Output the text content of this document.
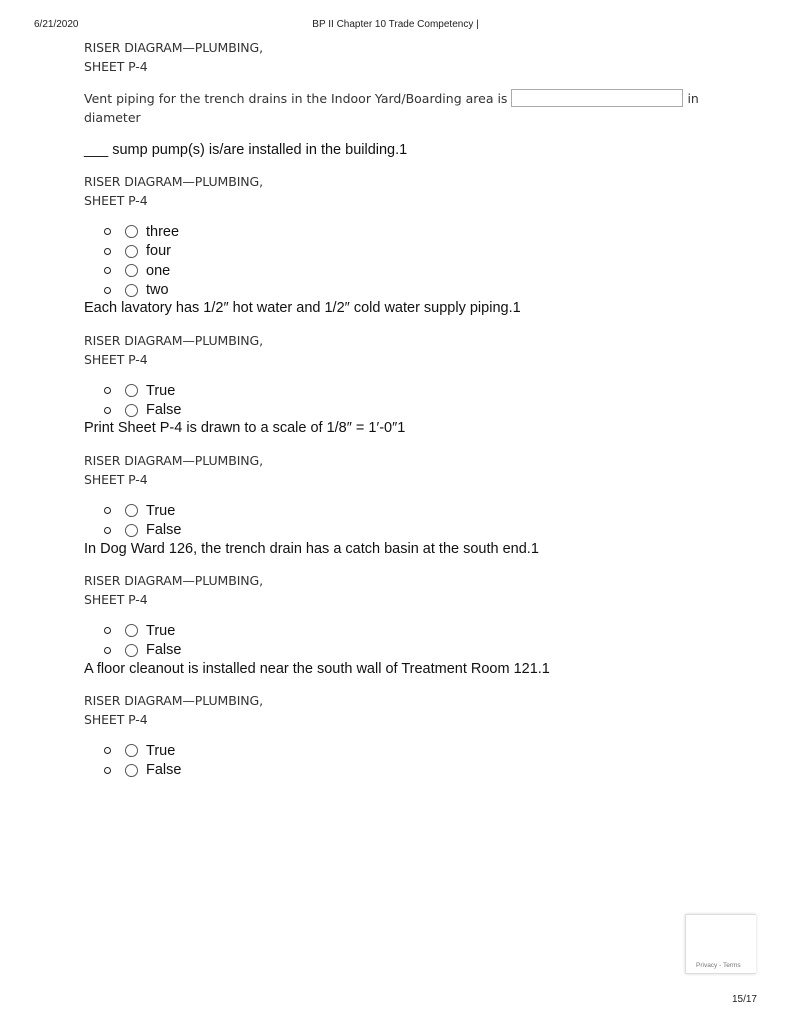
6/21/2020	BP II Chapter 10 Trade Competency |
RISER DIAGRAM—PLUMBING,
SHEET P-4
Vent piping for the trench drains in the Indoor Yard/Boarding area is	in
diameter
___ sump pump(s) is/are installed in the building.1
RISER DIAGRAM—PLUMBING,
SHEET P-4
three
four
one
two
Each lavatory has 1/2″ hot water and 1/2″ cold water supply piping.1
RISER DIAGRAM—PLUMBING,
SHEET P-4
True
False
Print Sheet P-4 is drawn to a scale of 1/8″ = 1′-0″1
RISER DIAGRAM—PLUMBING,
SHEET P-4
True
False
In Dog Ward 126, the trench drain has a catch basin at the south end.1
RISER DIAGRAM—PLUMBING,
SHEET P-4
True
False
A floor cleanout is installed near the south wall of Treatment Room 121.1
RISER DIAGRAM—PLUMBING,
SHEET P-4
True
False
Privacy - Terms
15/17
